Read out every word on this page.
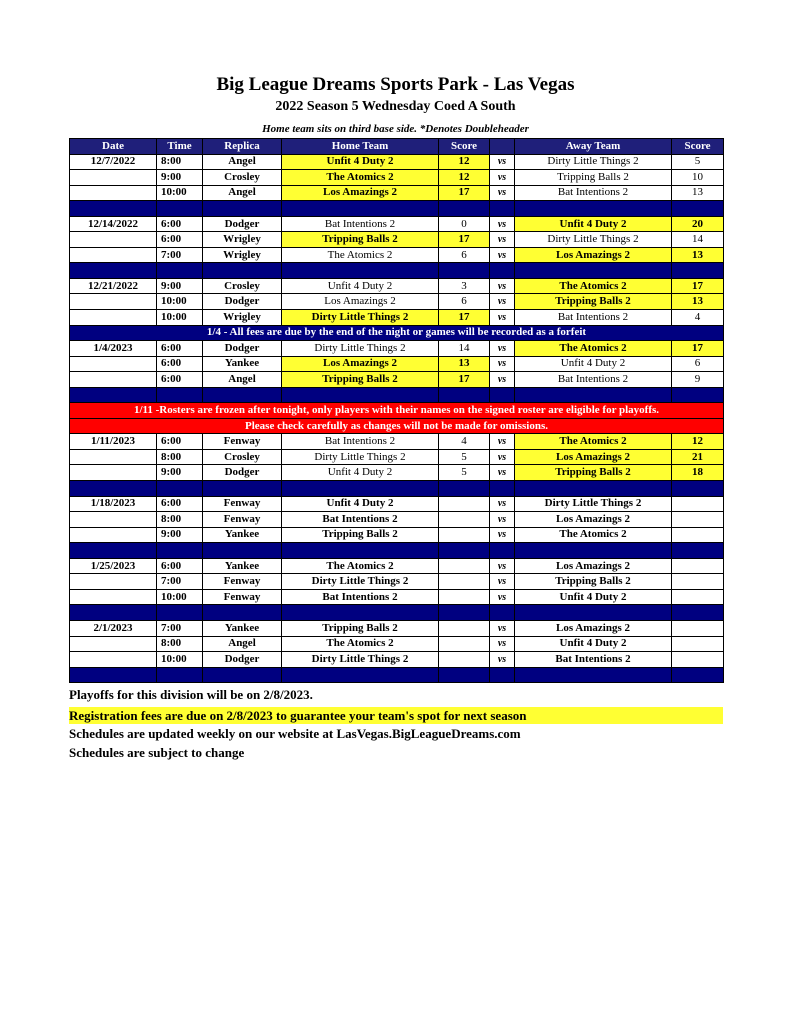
Big League Dreams Sports Park - Las Vegas
2022 Season 5 Wednesday Coed A South
Home team sits on third base side. *Denotes Doubleheader
Date	Time	Replica	Home Team	Score		Away Team	Score
12/7/2022	8:00	Angel	Unfit 4 Duty 2	12	vs	Dirty Little Things 2	5
	9:00	Crosley	The Atomics 2	12	vs	Tripping Balls 2	10
	10:00	Angel	Los Amazings 2	17	vs	Bat Intentions 2	13

12/14/2022	6:00	Dodger	Bat Intentions 2	0	vs	Unfit 4 Duty 2	20
	6:00	Wrigley	Tripping Balls 2	17	vs	Dirty Little Things 2	14
	7:00	Wrigley	The Atomics 2	6	vs	Los Amazings 2	13

12/21/2022	9:00	Crosley	Unfit 4 Duty 2	3	vs	The Atomics 2	17
	10:00	Dodger	Los Amazings 2	6	vs	Tripping Balls 2	13
	10:00	Wrigley	Dirty Little Things 2	17	vs	Bat Intentions 2	4
1/4 - All fees are due by the end of the night or games will be recorded as a forfeit							
1/4/2023	6:00	Dodger	Dirty Little Things 2	14	vs	The Atomics 2	17
	6:00	Yankee	Los Amazings 2	13	vs	Unfit 4 Duty 2	6
	6:00	Angel	Tripping Balls 2	17	vs	Bat Intentions 2	9

1/11 -Rosters are frozen after tonight, only players with their names on the signed roster are eligible for playoffs.							
Please check carefully as changes will not be made for omissions.							
1/11/2023	6:00	Fenway	Bat Intentions 2	4	vs	The Atomics 2	12
	8:00	Crosley	Dirty Little Things 2	5	vs	Los Amazings 2	21
	9:00	Dodger	Unfit 4 Duty 2	5	vs	Tripping Balls 2	18

1/18/2023	6:00	Fenway	Unfit 4 Duty 2		vs	Dirty Little Things 2	
	8:00	Fenway	Bat Intentions 2		vs	Los Amazings 2	
	9:00	Yankee	Tripping Balls 2		vs	The Atomics 2	

1/25/2023	6:00	Yankee	The Atomics 2		vs	Los Amazings 2	
	7:00	Fenway	Dirty Little Things 2		vs	Tripping Balls 2	
	10:00	Fenway	Bat Intentions 2		vs	Unfit 4 Duty 2	

2/1/2023	7:00	Yankee	Tripping Balls 2		vs	Los Amazings 2	
	8:00	Angel	The Atomics 2		vs	Unfit 4 Duty 2	
	10:00	Dodger	Dirty Little Things 2		vs	Bat Intentions 2	

Playoffs for this division will be on 2/8/2023.
Registration fees are due on 2/8/2023 to guarantee your team's spot for next season
Schedules are updated weekly on our website at LasVegas.BigLeagueDreams.com
Schedules are subject to change
